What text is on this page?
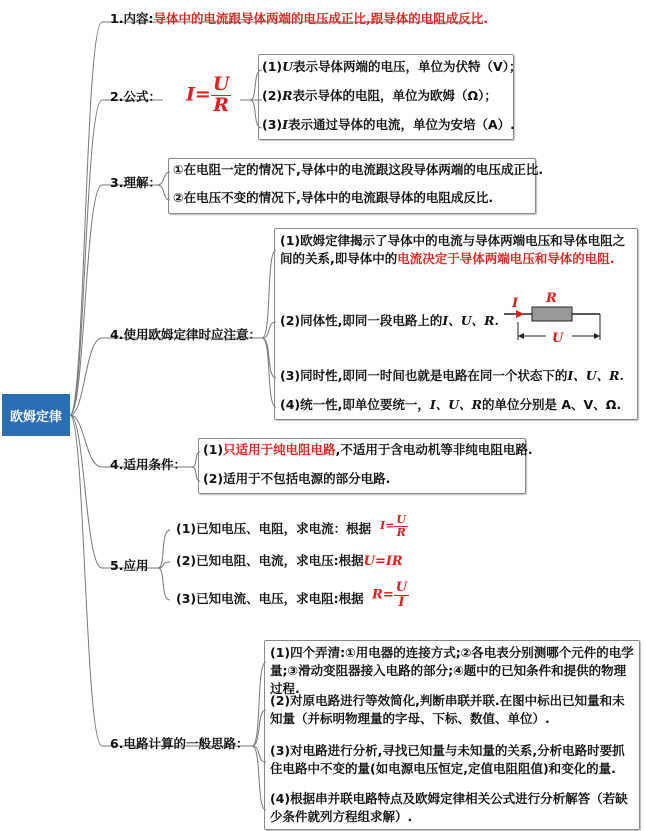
欧姆定律
1.内容:导体中的电流跟导体两端的电压成正比,跟导体的电阻成反比.
2.公式： $I= \frac{U}{R}$
(1)U表示导体两端的电压，单位为伏特（V）；
(2)R表示导体的电阻，单位为欧姆（Ω）；
(3)I表示通过导体的电流，单位为安培（A）.
3.理解：
①在电阻一定的情况下,导体中的电流跟这段导体两端的电压成正比.
②在电压不变的情况下,导体中的电流跟导体的电阻成反比.
4.使用欧姆定律时应注意：
(1)欧姆定律揭示了导体中的电流与导体两端电压和导体电阻之间的关系,即导体中的电流决定于导体两端电压和导体的电阻.
(2)同体性,即同一段电路上的I、U、R.
(3)同时性,即同一时间也就是电路在同一个状态下的I、U、R.
(4)统一性,即单位要统一，I、U、R的单位分别是 A、V、Ω.
I R
U
4.适用条件：
(1)只适用于纯电阻电路,不适用于含电动机等非纯电阻电路.
(2)适用于不包括电源的部分电路.
5.应用
(1)已知电压、电阻，求电流：根据 $I= \frac{U}{R}$
(2)已知电阻、电流，求电压:根据U=IR
(3)已知电流、电压，求电阻:根据 $R= \frac{U}{I}$
6.电路计算的一般思路：
(1)四个弄清:①用电器的连接方式;②各电表分别测哪个元件的电学量;③滑动变阻器接入电路的部分;④题中的已知条件和提供的物理过程.
(2)对原电路进行等效简化,判断串联并联.在图中标出已知量和未知量（并标明物理量的字母、下标、数值、单位）.
(3)对电路进行分析,寻找已知量与未知量的关系,分析电路时要抓住电路中不变的量(如电源电压恒定,定值电阻阻值)和变化的量.
(4)根据串并联电路特点及欧姆定律相关公式进行分析解答（若缺少条件就列方程组求解）.
